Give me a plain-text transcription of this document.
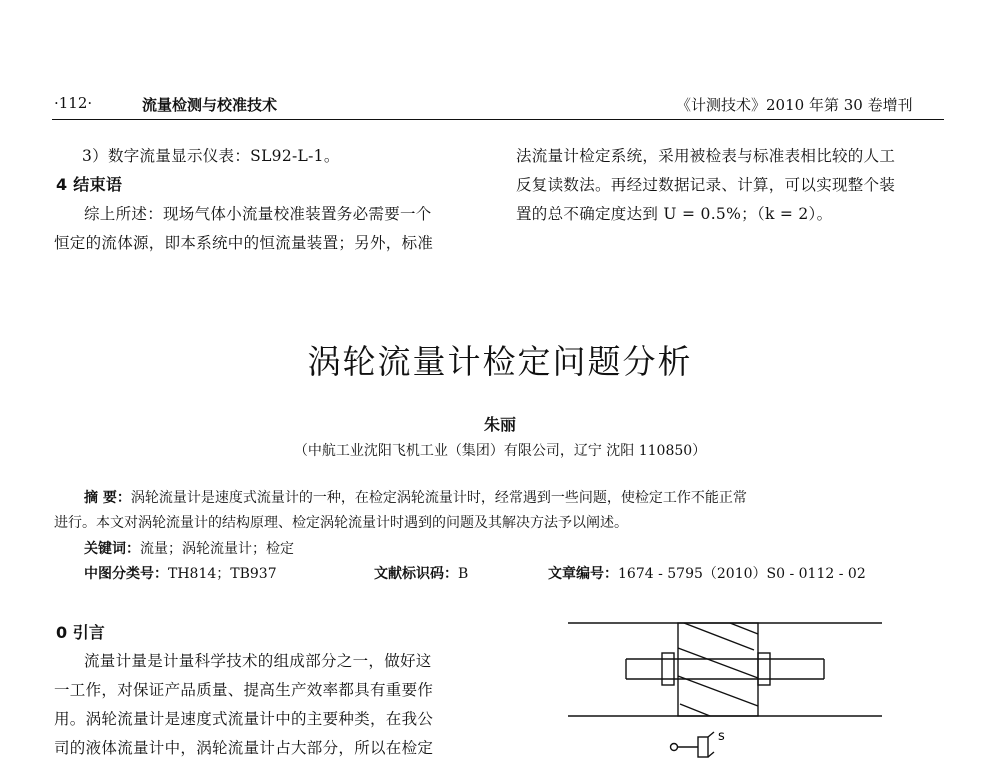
·112·	流量检测与校准技术	《计测技术》2010 年第 30 卷增刊
3）数字流量显示仪表：SL92-L-1。
4 结束语
综上所述：现场气体小流量校准装置务必需要一个
恒定的流体源，即本系统中的恒流量装置；另外，标准
法流量计检定系统，采用被检表与标准表相比较的人工
反复读数法。再经过数据记录、计算，可以实现整个装
置的总不确定度达到 U = 0.5%；（k = 2）。
涡轮流量计检定问题分析
朱丽
（中航工业沈阳飞机工业（集团）有限公司，辽宁 沈阳 110850）
摘 要：涡轮流量计是速度式流量计的一种，在检定涡轮流量计时，经常遇到一些问题，使检定工作不能正常
进行。本文对涡轮流量计的结构原理、检定涡轮流量计时遇到的问题及其解决方法予以阐述。
关键词：流量；涡轮流量计；检定
中图分类号：TH814；TB937	文献标识码：B	文章编号：1674 - 5795（2010）S0 - 0112 - 02
0 引言
流量计量是计量科学技术的组成部分之一，做好这
一工作，对保证产品质量、提高生产效率都具有重要作
用。涡轮流量计是速度式流量计中的主要种类，在我公
司的液体流量计中，涡轮流量计占大部分，所以在检定
s
